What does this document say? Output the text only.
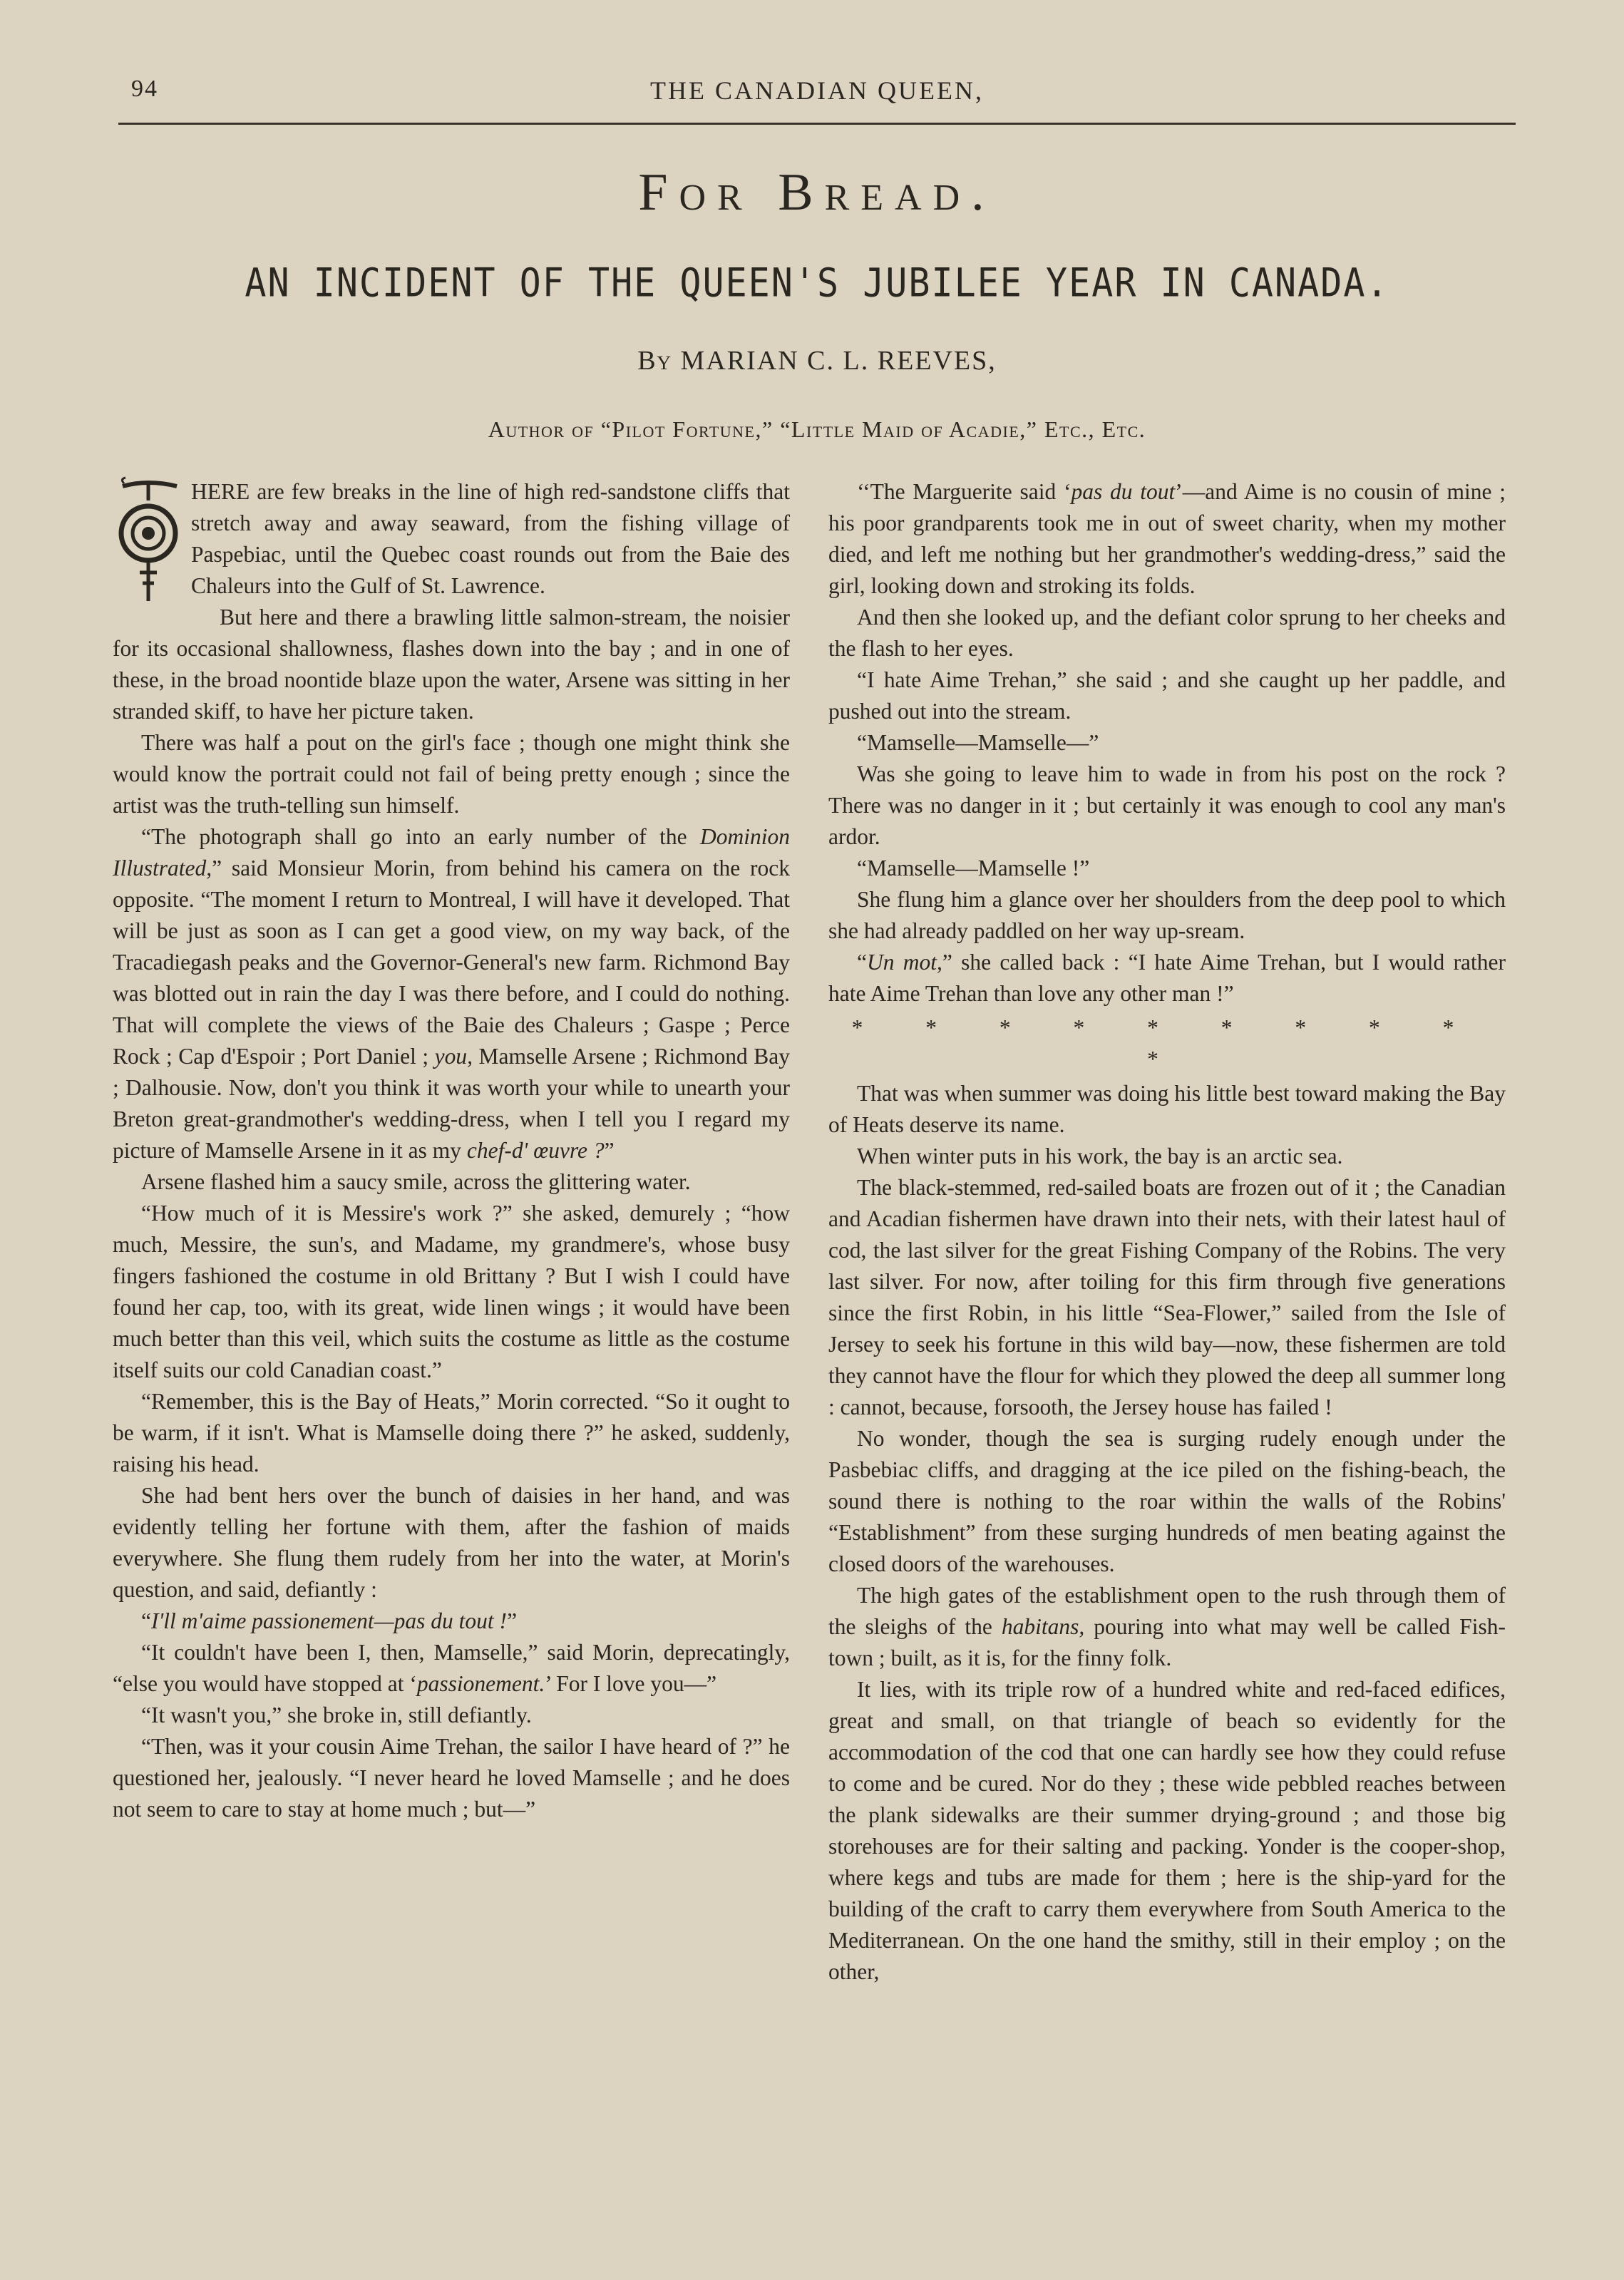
94	THE CANADIAN QUEEN,
For Bread.
AN INCIDENT OF THE QUEEN'S JUBILEE YEAR IN CANADA.
By MARIAN C. L. REEVES,
Author of “Pilot Fortune,” “Little Maid of Acadie,” Etc., Etc.

HERE are few breaks in the line of high red-sandstone cliffs that stretch away and away seaward, from the fishing village of Paspebiac, until the Quebec coast rounds out from the Baie des Chaleurs into the Gulf of St. Lawrence.

But here and there a brawling little salmon-stream, the noisier for its occasional shallowness, flashes down into the bay ; and in one of these, in the broad noontide blaze upon the water, Arsene was sitting in her stranded skiff, to have her picture taken.

There was half a pout on the girl's face ; though one might think she would know the portrait could not fail of being pretty enough ; since the artist was the truth-telling sun himself.

“The photograph shall go into an early number of the Dominion Illustrated,” said Monsieur Morin, from behind his camera on the rock opposite. “The moment I return to Montreal, I will have it developed. That will be just as soon as I can get a good view, on my way back, of the Tracadiegash peaks and the Governor-General's new farm. Richmond Bay was blotted out in rain the day I was there before, and I could do nothing. That will complete the views of the Baie des Chaleurs ; Gaspe ; Perce Rock ; Cap d'Espoir ; Port Daniel ; you, Mamselle Arsene ; Richmond Bay ; Dalhousie. Now, don't you think it was worth your while to unearth your Breton great-grandmother's wedding-dress, when I tell you I regard my picture of Mamselle Arsene in it as my chef-d' œuvre ?”

Arsene flashed him a saucy smile, across the glittering water.

“How much of it is Messire's work ?” she asked, demurely ; “how much, Messire, the sun's, and Madame, my grandmere's, whose busy fingers fashioned the costume in old Brittany ? But I wish I could have found her cap, too, with its great, wide linen wings ; it would have been much better than this veil, which suits the costume as little as the costume itself suits our cold Canadian coast.”

“Remember, this is the Bay of Heats,” Morin corrected. “So it ought to be warm, if it isn't. What is Mamselle doing there ?” he asked, suddenly, raising his head.

She had bent hers over the bunch of daisies in her hand, and was evidently telling her fortune with them, after the fashion of maids everywhere. She flung them rudely from her into the water, at Morin's question, and said, defiantly :

“I'll m'aime passionement—pas du tout !”

“It couldn't have been I, then, Mamselle,” said Morin, deprecatingly, “else you would have stopped at ‘passionement.’ For I love you—”

“It wasn't you,” she broke in, still defiantly.

“Then, was it your cousin Aime Trehan, the sailor I have heard of ?” he questioned her, jealously. “I never heard he loved Mamselle ; and he does not seem to care to stay at home much ; but—”

‘‘The Marguerite said ‘pas du tout’—and Aime is no cousin of mine ; his poor grandparents took me in out of sweet charity, when my mother died, and left me nothing but her grandmother's wedding-dress,” said the girl, looking down and stroking its folds.

And then she looked up, and the defiant color sprung to her cheeks and the flash to her eyes.

“I hate Aime Trehan,” she said ; and she caught up her paddle, and pushed out into the stream.

“Mamselle—Mamselle—”

Was she going to leave him to wade in from his post on the rock ? There was no danger in it ; but certainly it was enough to cool any man's ardor.

“Mamselle—Mamselle !”

She flung him a glance over her shoulders from the deep pool to which she had already paddled on her way up-sream.

“Un mot,” she called back : “I hate Aime Trehan, but I would rather hate Aime Trehan than love any other man !”

* * * * * * * * * *

That was when summer was doing his little best toward making the Bay of Heats deserve its name.

When winter puts in his work, the bay is an arctic sea.

The black-stemmed, red-sailed boats are frozen out of it ; the Canadian and Acadian fishermen have drawn into their nets, with their latest haul of cod, the last silver for the great Fishing Company of the Robins. The very last silver. For now, after toiling for this firm through five generations since the first Robin, in his little “Sea-Flower,” sailed from the Isle of Jersey to seek his fortune in this wild bay—now, these fishermen are told they cannot have the flour for which they plowed the deep all summer long : cannot, because, forsooth, the Jersey house has failed !

No wonder, though the sea is surging rudely enough under the Pasbebiac cliffs, and dragging at the ice piled on the fishing-beach, the sound there is nothing to the roar within the walls of the Robins' “Establishment” from these surging hundreds of men beating against the closed doors of the warehouses.

The high gates of the establishment open to the rush through them of the sleighs of the habitans, pouring into what may well be called Fish-town ; built, as it is, for the finny folk.

It lies, with its triple row of a hundred white and red-faced edifices, great and small, on that triangle of beach so evidently for the accommodation of the cod that one can hardly see how they could refuse to come and be cured. Nor do they ; these wide pebbled reaches between the plank sidewalks are their summer drying-ground ; and those big storehouses are for their salting and packing. Yonder is the cooper-shop, where kegs and tubs are made for them ; here is the ship-yard for the building of the craft to carry them everywhere from South America to the Mediterranean. On the one hand the smithy, still in their employ ; on the other,
